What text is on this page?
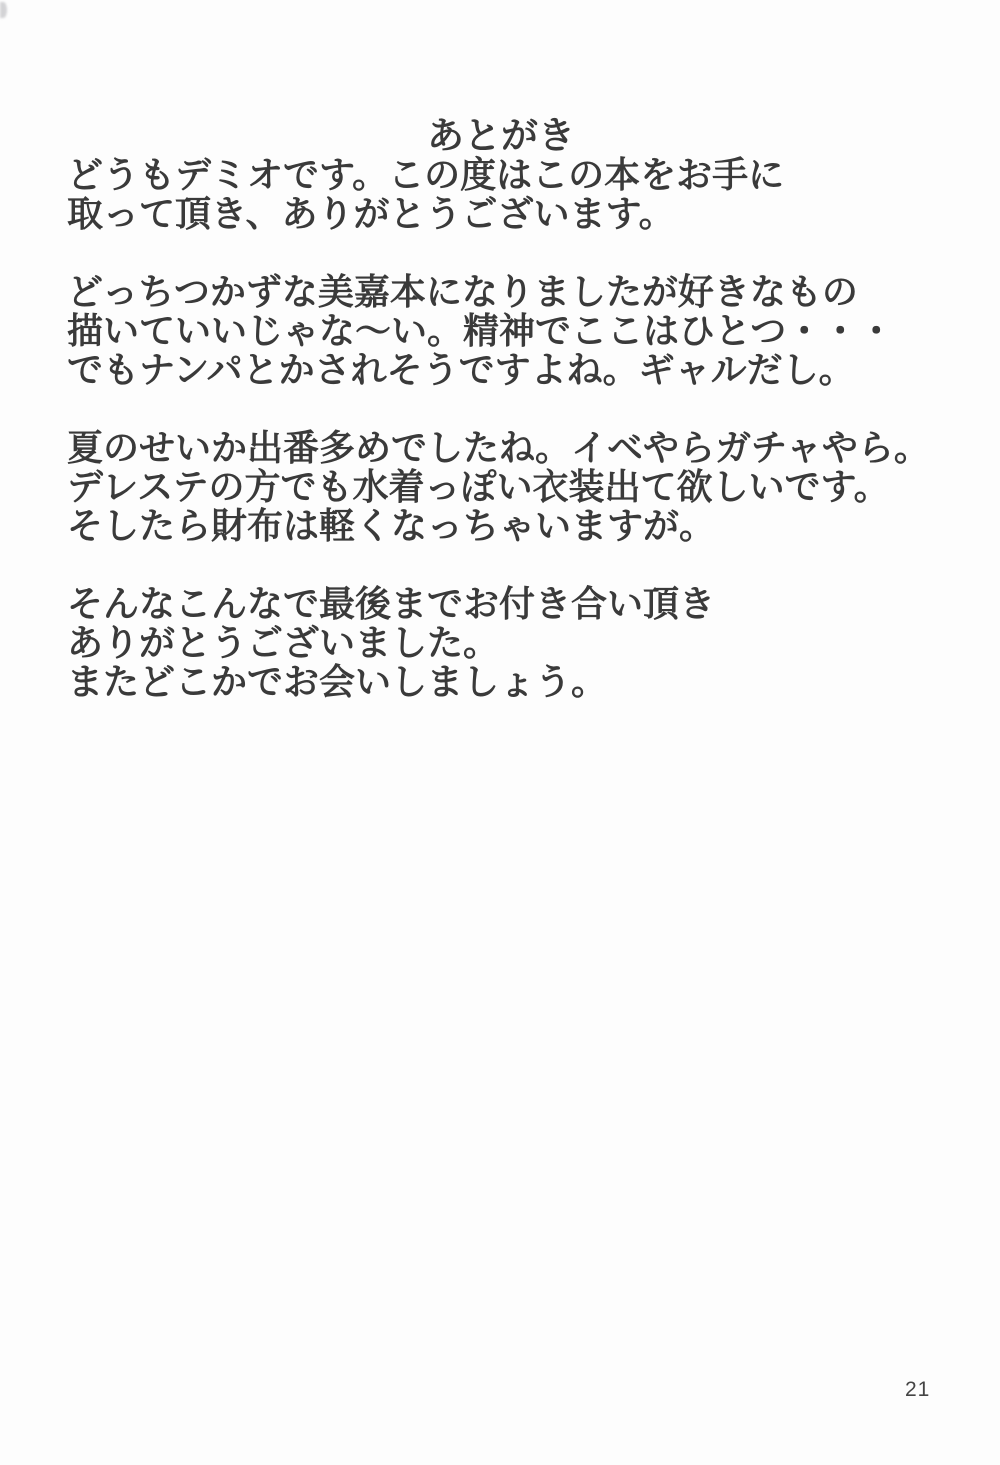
あとがき
どうもデミオです。この度はこの本をお手に
取って頂き、ありがとうございます。
どっちつかずな美嘉本になりましたが好きなもの
描いていいじゃな〜い。精神でここはひとつ・・・
でもナンパとかされそうですよね。ギャルだし。
夏のせいか出番多めでしたね。イベやらガチャやら。
デレステの方でも水着っぽい衣装出て欲しいです。
そしたら財布は軽くなっちゃいますが。
そんなこんなで最後までお付き合い頂き
ありがとうございました。
またどこかでお会いしましょう。
21
